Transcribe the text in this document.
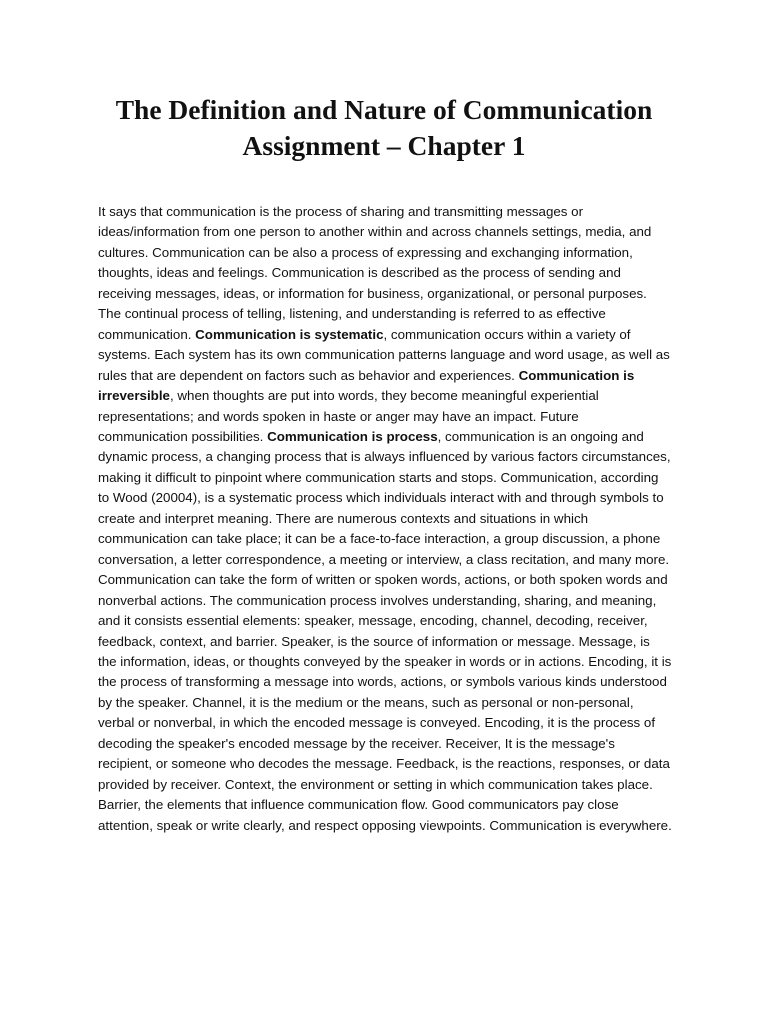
The Definition and Nature of Communication
Assignment – Chapter 1

It says that communication is the process of sharing and transmitting messages or ideas/information from one person to another within and across channels settings, media, and cultures. Communication can be also a process of expressing and exchanging information, thoughts, ideas and feelings. Communication is described as the process of sending and receiving messages, ideas, or information for business, organizational, or personal purposes. The continual process of telling, listening, and understanding is referred to as effective communication. Communication is systematic, communication occurs within a variety of systems. Each system has its own communication patterns language and word usage, as well as rules that are dependent on factors such as behavior and experiences. Communication is irreversible, when thoughts are put into words, they become meaningful experiential representations; and words spoken in haste or anger may have an impact. Future communication possibilities. Communication is process, communication is an ongoing and dynamic process, a changing process that is always influenced by various factors circumstances, making it difficult to pinpoint where communication starts and stops. Communication, according to Wood (20004), is a systematic process which individuals interact with and through symbols to create and interpret meaning. There are numerous contexts and situations in which communication can take place; it can be a face-to-face interaction, a group discussion, a phone conversation, a letter correspondence, a meeting or interview, a class recitation, and many more. Communication can take the form of written or spoken words, actions, or both spoken words and nonverbal actions. The communication process involves understanding, sharing, and meaning, and it consists essential elements: speaker, message, encoding, channel, decoding, receiver, feedback, context, and barrier. Speaker, is the source of information or message. Message, is the information, ideas, or thoughts conveyed by the speaker in words or in actions. Encoding, it is the process of transforming a message into words, actions, or symbols various kinds understood by the speaker. Channel, it is the medium or the means, such as personal or non-personal, verbal or nonverbal, in which the encoded message is conveyed. Encoding, it is the process of decoding the speaker's encoded message by the receiver. Receiver, It is the message's recipient, or someone who decodes the message. Feedback, is the reactions, responses, or data provided by receiver. Context, the environment or setting in which communication takes place. Barrier, the elements that influence communication flow. Good communicators pay close attention, speak or write clearly, and respect opposing viewpoints. Communication is everywhere.
